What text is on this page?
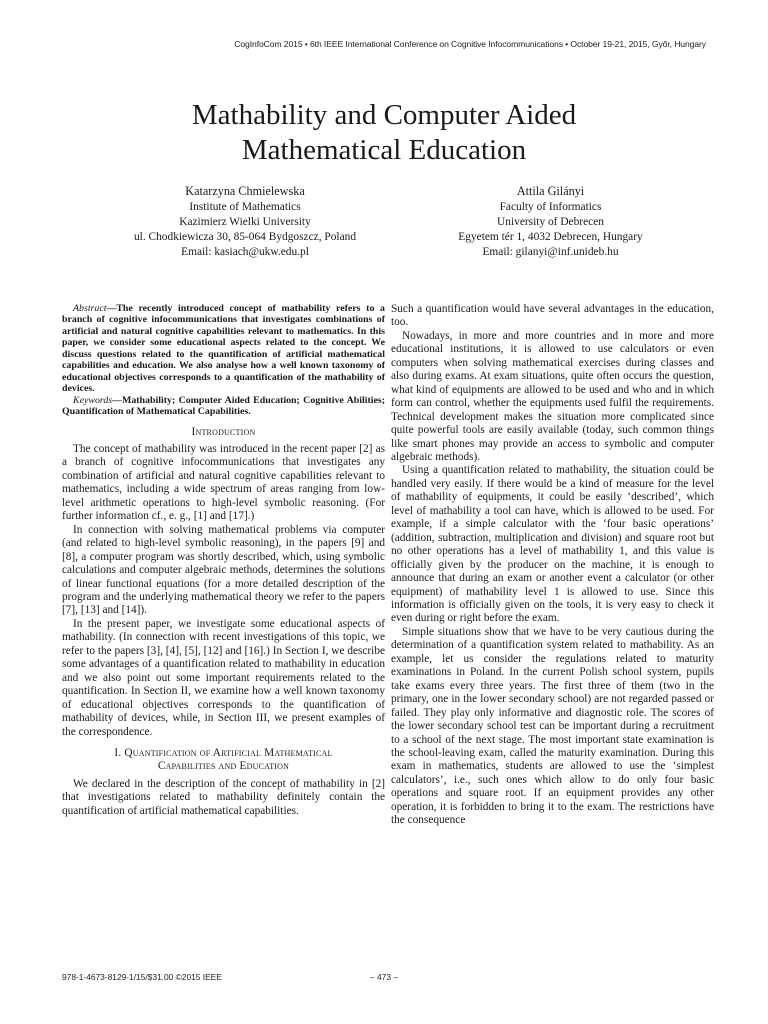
CogInfoCom 2015 • 6th IEEE International Conference on Cognitive Infocommunications • October 19-21, 2015, Győr, Hungary
Mathability and Computer Aided
Mathematical Education
Katarzyna Chmielewska
Institute of Mathematics
Kazimierz Wielki University
ul. Chodkiewicza 30, 85-064 Bydgoszcz, Poland
Email: kasiach@ukw.edu.pl
Attila Gilányi
Faculty of Informatics
University of Debrecen
Egyetem tér 1, 4032 Debrecen, Hungary
Email: gilanyi@inf.unideb.hu

Abstract—The recently introduced concept of mathability refers to a branch of cognitive infocommunications that investigates combinations of artificial and natural cognitive capabilities relevant to mathematics. In this paper, we consider some educational aspects related to the concept. We discuss questions related to the quantification of artificial mathematical capabilities and education. We also analyse how a well known taxonomy of educational objectives corresponds to a quantification of the mathability of devices.

Keywords—Mathability; Computer Aided Education; Cognitive Abilities; Quantification of Mathematical Capabilities.

Introduction

The concept of mathability was introduced in the recent paper [2] as a branch of cognitive infocommunications that investigates any combination of artificial and natural cognitive capabilities relevant to mathematics, including a wide spectrum of areas ranging from low-level arithmetic operations to high-level symbolic reasoning. (For further information cf., e. g., [1] and [17].)

In connection with solving mathematical problems via computer (and related to high-level symbolic reasoning), in the papers [9] and [8], a computer program was shortly described, which, using symbolic calculations and computer algebraic methods, determines the solutions of linear functional equations (for a more detailed description of the program and the underlying mathematical theory we refer to the papers [7], [13] and [14]).

In the present paper, we investigate some educational aspects of mathability. (In connection with recent investigations of this topic, we refer to the papers [3], [4], [5], [12] and [16].) In Section I, we describe some advantages of a quantification related to mathability in education and we also point out some important requirements related to the quantification. In Section II, we examine how a well known taxonomy of educational objectives corresponds to the quantification of mathability of devices, while, in Section III, we present examples of the correspondence.

I. Quantification of Artificial Mathematical
Capabilities and Education

We declared in the description of the concept of mathability in [2] that investigations related to mathability definitely contain the quantification of artificial mathematical capabilities.

Such a quantification would have several advantages in the education, too.

Nowadays, in more and more countries and in more and more educational institutions, it is allowed to use calculators or even computers when solving mathematical exercises during classes and also during exams. At exam situations, quite often occurs the question, what kind of equipments are allowed to be used and who and in which form can control, whether the equipments used fulfil the requirements. Technical development makes the situation more complicated since quite powerful tools are easily available (today, such common things like smart phones may provide an access to symbolic and computer algebraic methods).

Using a quantification related to mathability, the situation could be handled very easily. If there would be a kind of measure for the level of mathability of equipments, it could be easily ‘described’, which level of mathability a tool can have, which is allowed to be used. For example, if a simple calculator with the ‘four basic operations’ (addition, subtraction, multiplication and division) and square root but no other operations has a level of mathability 1, and this value is officially given by the producer on the machine, it is enough to announce that during an exam or another event a calculator (or other equipment) of mathability level 1 is allowed to use. Since this information is officially given on the tools, it is very easy to check it even during or right before the exam.

Simple situations show that we have to be very cautious during the determination of a quantification system related to mathability. As an example, let us consider the regulations related to maturity examinations in Poland. In the current Polish school system, pupils take exams every three years. The first three of them (two in the primary, one in the lower secondary school) are not regarded passed or failed. They play only informative and diagnostic role. The scores of the lower secondary school test can be important during a recruitment to a school of the next stage. The most important state examination is the school-leaving exam, called the maturity examination. During this exam in mathematics, students are allowed to use the ‘simplest calculators’, i.e., such ones which allow to do only four basic operations and square root. If an equipment provides any other operation, it is forbidden to bring it to the exam. The restrictions have the consequence

978-1-4673-8129-1/15/$31.00 ©2015 IEEE	– 473 –
